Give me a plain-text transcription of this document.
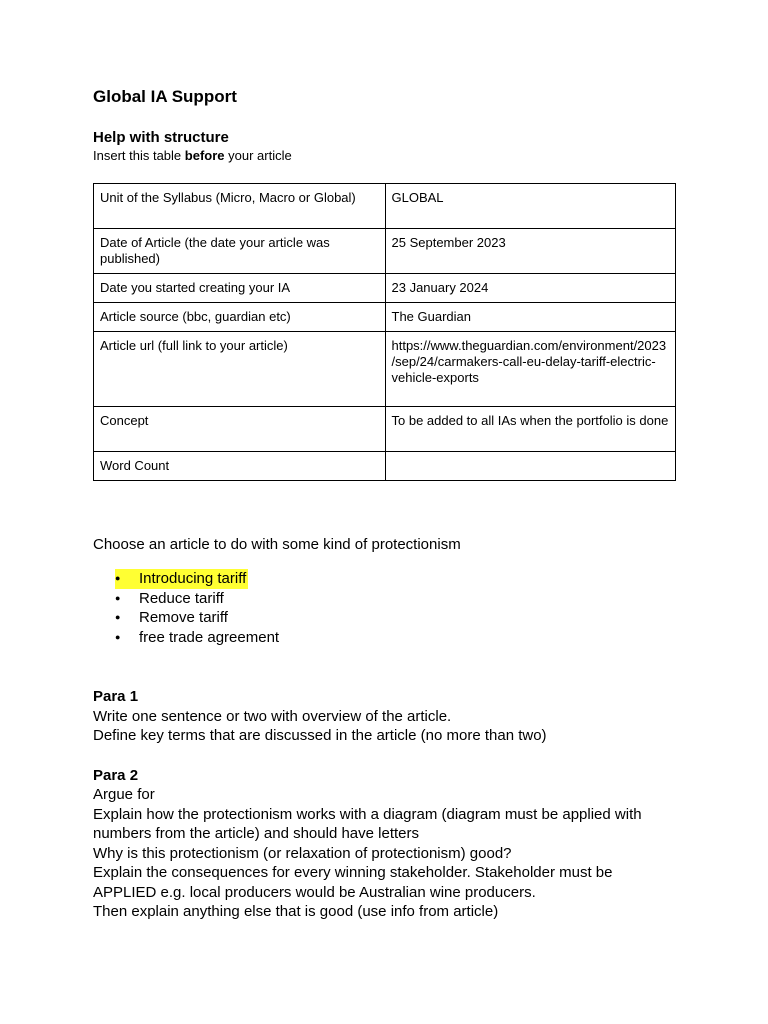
Global IA Support
Help with structure

Insert this table before your article

Unit of the Syllabus (Micro, Macro or Global)	GLOBAL
Date of Article (the date your article was published)	25 September 2023
Date you started creating your IA	23 January 2024
Article source (bbc, guardian etc)	The Guardian
Article url (full link to your article)	https://www.theguardian.com/environment/2023/sep/24/carmakers-call-eu-delay-tariff-electric-vehicle-exports
Concept	To be added to all IAs when the portfolio is done
Word Count	

Choose an article to do with some kind of protectionism

● Introducing tariff
● Reduce tariff
● Remove tariff
● free trade agreement

Para 1

Write one sentence or two with overview of the article.

Define key terms that are discussed in the article (no more than two)

Para 2

Argue for

Explain how the protectionism works with a diagram (diagram must be applied with numbers from the article) and should have letters

Why is this protectionism (or relaxation of protectionism) good?

Explain the consequences for every winning stakeholder. Stakeholder must be APPLIED e.g. local producers would be Australian wine producers.

Then explain anything else that is good (use info from article)
